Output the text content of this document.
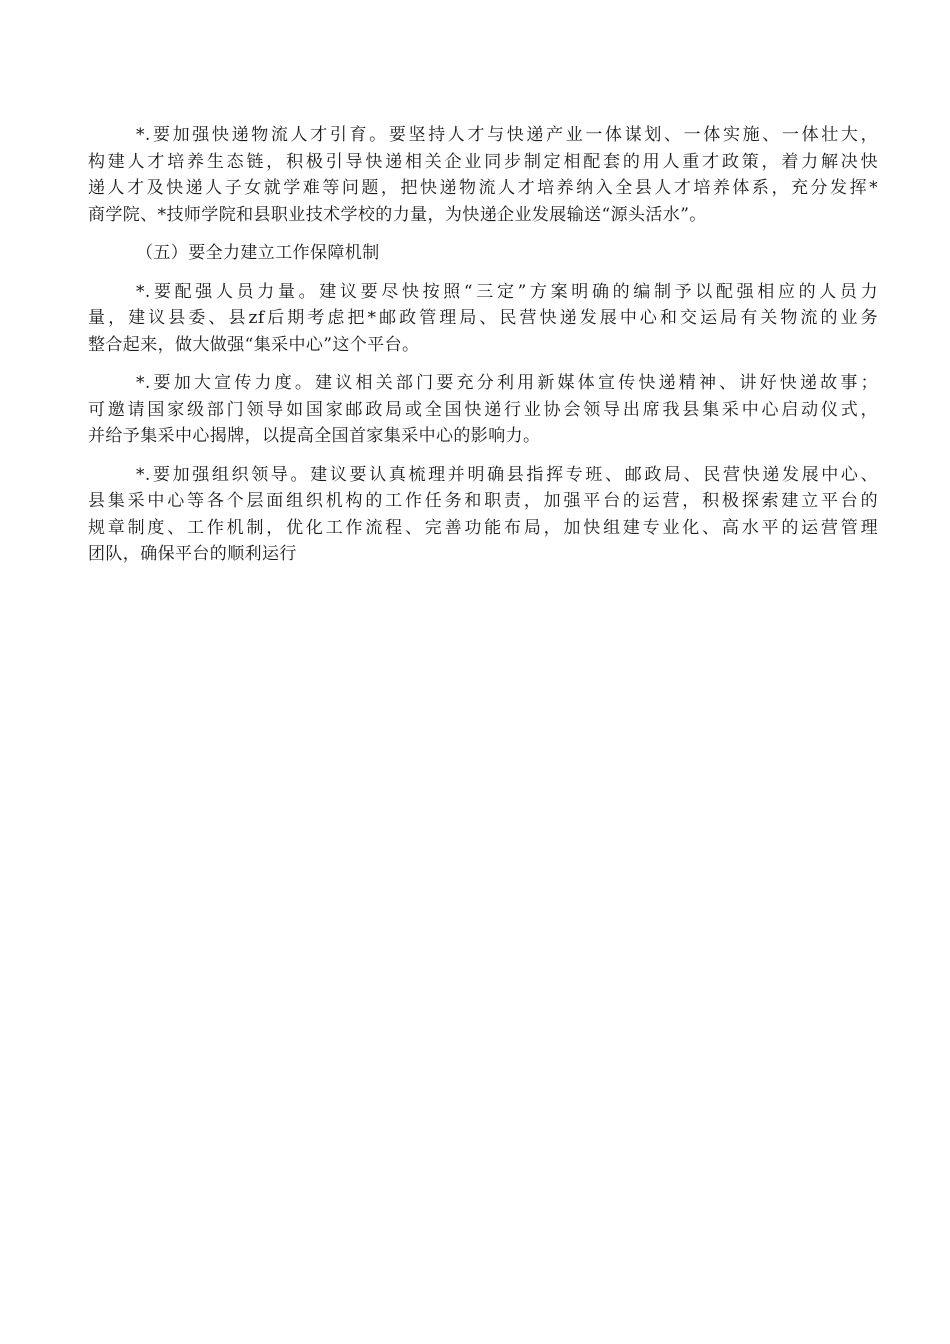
*.要加强快递物流人才引育。要坚持人才与快递产业一体谋划、一体实施、一体壮大，
构建人才培养生态链，积极引导快递相关企业同步制定相配套的用人重才政策，着力解决快
递人才及快递人子女就学难等问题，把快递物流人才培养纳入全县人才培养体系，充分发挥*
商学院、*技师学院和县职业技术学校的力量，为快递企业发展输送“源头活水”。
（五）要全力建立工作保障机制
*.要配强人员力量。建议要尽快按照“三定”方案明确的编制予以配强相应的人员力
量，建议县委、县zf后期考虑把*邮政管理局、民营快递发展中心和交运局有关物流的业务
整合起来，做大做强“集采中心”这个平台。
*.要加大宣传力度。建议相关部门要充分利用新媒体宣传快递精神、讲好快递故事；
可邀请国家级部门领导如国家邮政局或全国快递行业协会领导出席我县集采中心启动仪式，
并给予集采中心揭牌，以提高全国首家集采中心的影响力。
*.要加强组织领导。建议要认真梳理并明确县指挥专班、邮政局、民营快递发展中心、
县集采中心等各个层面组织机构的工作任务和职责，加强平台的运营，积极探索建立平台的
规章制度、工作机制，优化工作流程、完善功能布局，加快组建专业化、高水平的运营管理
团队，确保平台的顺利运行
